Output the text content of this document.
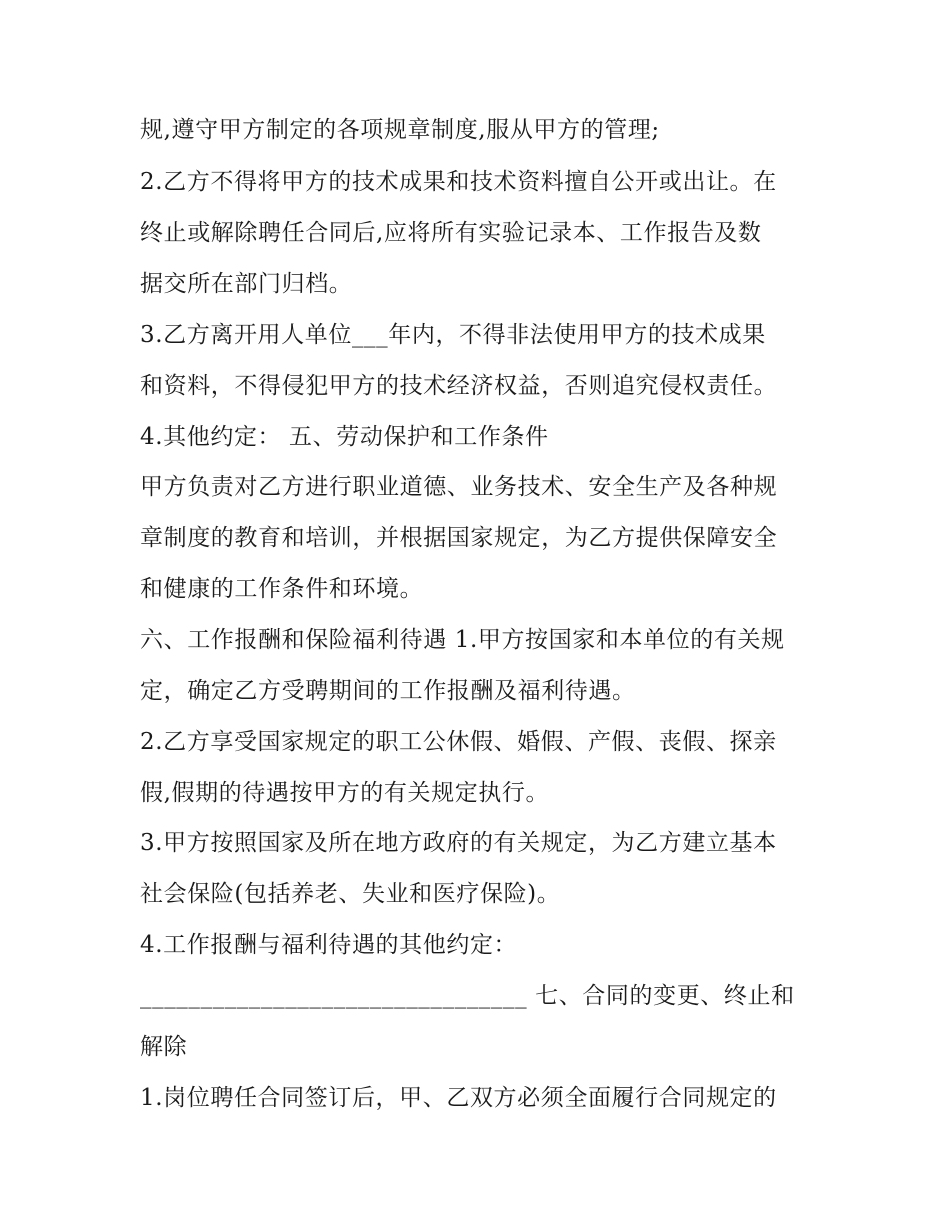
规,遵守甲方制定的各项规章制度,服从甲方的管理;
2.乙方不得将甲方的技术成果和技术资料擅自公开或出让。在
终止或解除聘任合同后,应将所有实验记录本、工作报告及数
据交所在部门归档。
3.乙方离开用人单位___年内，不得非法使用甲方的技术成果
和资料，不得侵犯甲方的技术经济权益，否则追究侵权责任。
4.其他约定： 五、劳动保护和工作条件
甲方负责对乙方进行职业道德、业务技术、安全生产及各种规
章制度的教育和培训，并根据国家规定，为乙方提供保障安全
和健康的工作条件和环境。
六、工作报酬和保险福利待遇 1.甲方按国家和本单位的有关规
定，确定乙方受聘期间的工作报酬及福利待遇。
2.乙方享受国家规定的职工公休假、婚假、产假、丧假、探亲
假,假期的待遇按甲方的有关规定执行。
3.甲方按照国家及所在地方政府的有关规定，为乙方建立基本
社会保险(包括养老、失业和医疗保险)。
4.工作报酬与福利待遇的其他约定：
________________________________ 七、合同的变更、终止和
解除
1.岗位聘任合同签订后，甲、乙双方必须全面履行合同规定的
